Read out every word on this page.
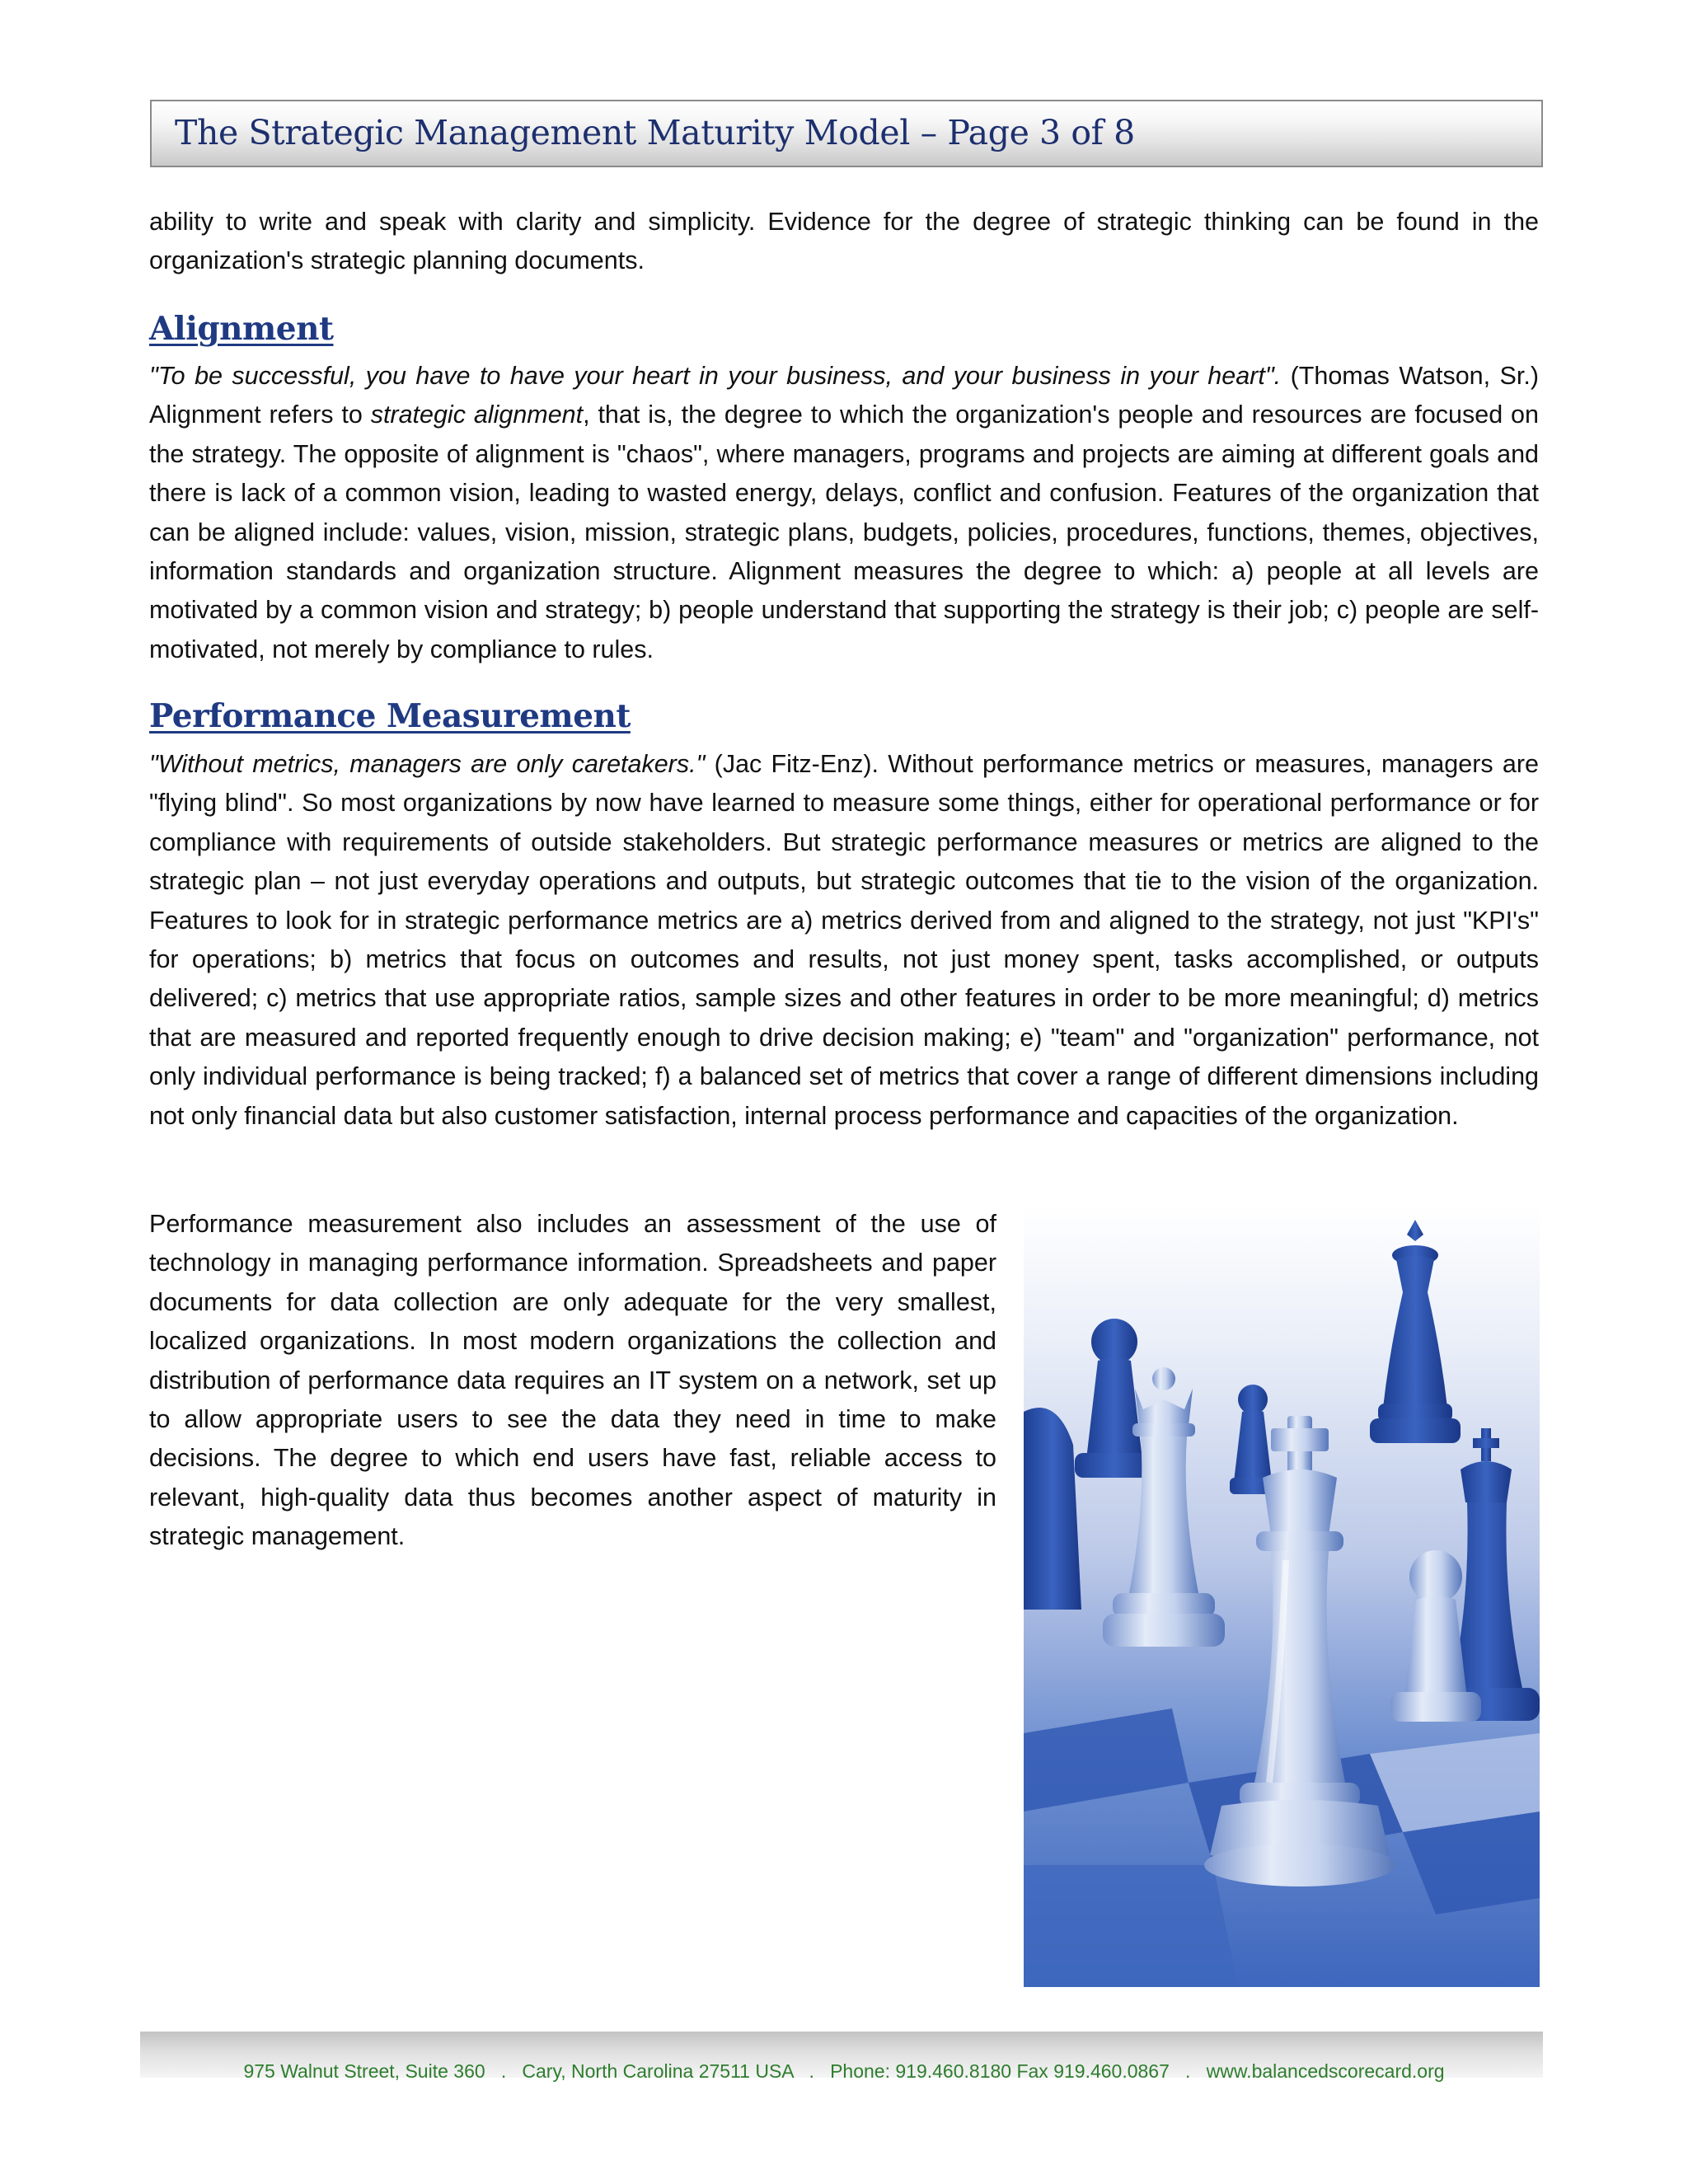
The Strategic Management Maturity Model – Page 3 of 8

ability to write and speak with clarity and simplicity. Evidence for the degree of strategic thinking can be found in the organization's strategic planning documents.

Alignment

"To be successful, you have to have your heart in your business, and your business in your heart". (Thomas Watson, Sr.) Alignment refers to strategic alignment, that is, the degree to which the organization's people and resources are focused on the strategy. The opposite of alignment is "chaos", where managers, programs and projects are aiming at different goals and there is lack of a common vision, leading to wasted energy, delays, conflict and confusion. Features of the organization that can be aligned include: values, vision, mission, strategic plans, budgets, policies, procedures, functions, themes, objectives, information standards and organization structure. Alignment measures the degree to which: a) people at all levels are motivated by a common vision and strategy; b) people understand that supporting the strategy is their job; c) people are self-motivated, not merely by compliance to rules.

Performance Measurement

"Without metrics, managers are only caretakers." (Jac Fitz-Enz). Without performance metrics or measures, managers are "flying blind". So most organizations by now have learned to measure some things, either for operational performance or for compliance with requirements of outside stakeholders. But strategic performance measures or metrics are aligned to the strategic plan – not just everyday operations and outputs, but strategic outcomes that tie to the vision of the organization. Features to look for in strategic performance metrics are a) metrics derived from and aligned to the strategy, not just "KPI's" for operations; b) metrics that focus on outcomes and results, not just money spent, tasks accomplished, or outputs delivered; c) metrics that use appropriate ratios, sample sizes and other features in order to be more meaningful; d) metrics that are measured and reported frequently enough to drive decision making; e) "team" and "organization" performance, not only individual performance is being tracked; f) a balanced set of metrics that cover a range of different dimensions including not only financial data but also customer satisfaction, internal process performance and capacities of the organization.

Performance measurement also includes an assessment of the use of technology in managing performance information. Spreadsheets and paper documents for data collection are only adequate for the very smallest, localized organizations. In most modern organizations the collection and distribution of performance data requires an IT system on a network, set up to allow appropriate users to see the data they need in time to make decisions. The degree to which end users have fast, reliable access to relevant, high-quality data thus becomes another aspect of maturity in strategic management.

975 Walnut Street, Suite 360   .   Cary, North Carolina 27511 USA   .   Phone: 919.460.8180 Fax 919.460.0867   .   www.balancedscorecard.org
